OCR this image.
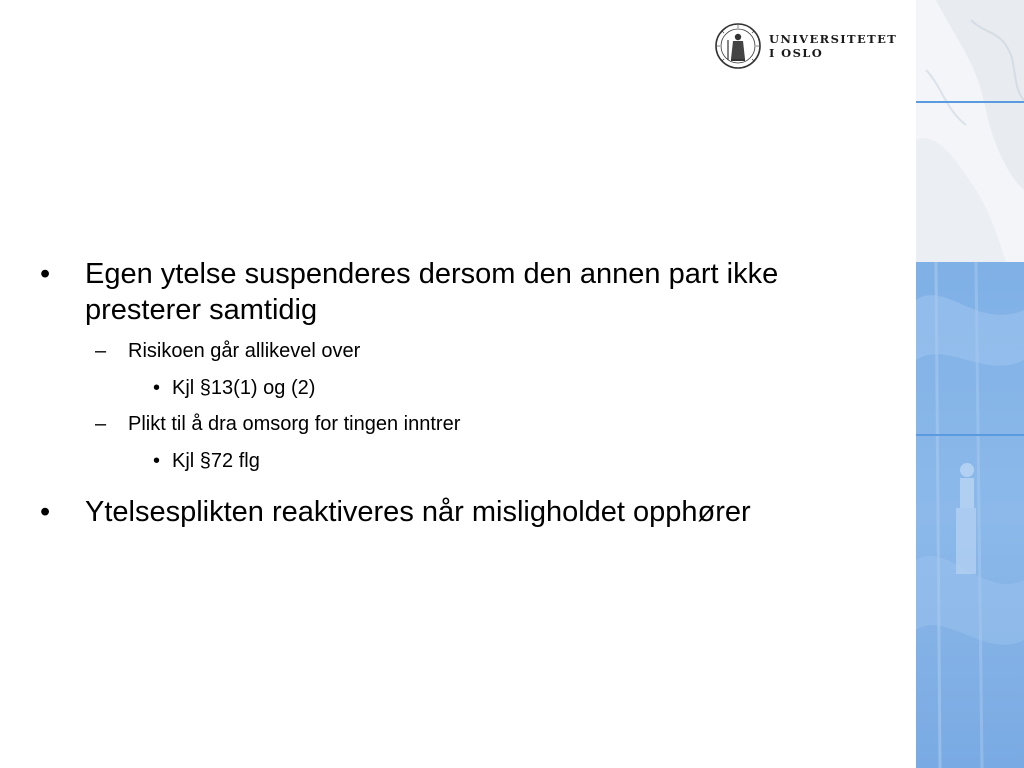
UNIVERSITETET
I OSLO
•	Egen ytelse suspenderes dersom den annen part ikke presterer samtidig
– Risikoen går allikevel over
• Kjl §13(1) og (2)
– Plikt til å dra omsorg for tingen inntrer
• Kjl §72 flg
•	Ytelsesplikten reaktiveres når misligholdet opphører
